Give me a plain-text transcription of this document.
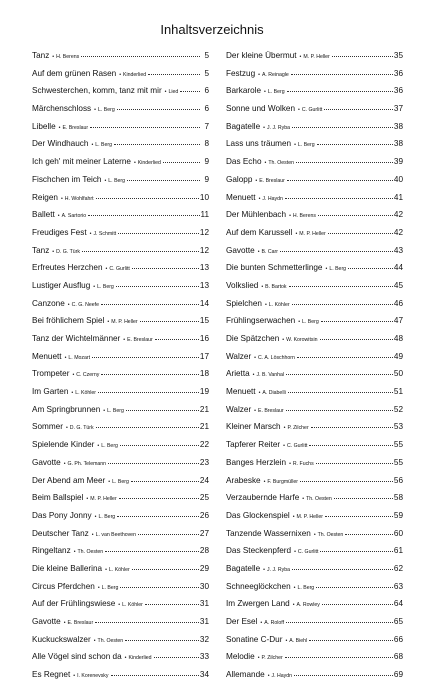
Inhaltsverzeichnis
Tanz • H. Berens	5
Auf dem grünen Rasen • Kinderlied	5
Schwesterchen, komm, tanz mit mir • Lied	6
Märchenschloss • L. Berg	6
Libelle • E. Breslaur	7
Der Windhauch • L. Berg	8
Ich geh' mit meiner Laterne • Kinderlied	9
Fischchen im Teich • L. Berg	9
Reigen • H. Wohlfahrt	10
Ballett • A. Sartorio	11
Freudiges Fest • J. Schmitt	12
Tanz • D. G. Türk	12
Erfreutes Herzchen • C. Gurlitt	13
Lustiger Ausflug • L. Berg	13
Canzone • C. G. Neefe	14
Bei fröhlichem Spiel • M. P. Heller	15
Tanz der Wichtelmänner • E. Breslaur	16
Menuett • L. Mozart	17
Trompeter • C. Czerny	18
Im Garten • L. Köhler	19
Am Springbrunnen • L. Berg	21
Sommer • D. G. Türk	21
Spielende Kinder • L. Berg	22
Gavotte • G. Ph. Telemann	23
Der Abend am Meer • L. Berg	24
Beim Ballspiel • M. P. Heller	25
Das Pony Jonny • L. Berg	26
Deutscher Tanz • L. van Beethoven	27
Ringeltanz • Th. Oesten	28
Die kleine Ballerina • L. Köhler	29
Circus Pferdchen • L. Berg	30
Auf der Frühlingswiese • L. Köhler	31
Gavotte • E. Breslaur	31
Kuckuckswalzer • Th. Oesten	32
Alle Vögel sind schon da • Kinderlied	33
Es Regnet • I. Korenevsky	34
Der kleine Übermut • M. P. Heller	35
Festzug • A. Reinagle	36
Barkarole • L. Berg	36
Sonne und Wolken • C. Gurlitt	37
Bagatelle • J. J. Ryba	38
Lass uns träumen • L. Berg	38
Das Echo • Th. Oesten	39
Galopp • E. Breslaur	40
Menuett • J. Haydn	41
Der Mühlenbach • H. Berens	42
Auf dem Karussell • M. P. Heller	42
Gavotte • B. Carr	43
Die bunten Schmetterlinge • L. Berg	44
Volkslied • B. Bartok	45
Spielchen • L. Köhler	46
Frühlingserwachen • L. Berg	47
Die Spätzchen • W. Korowitsin	48
Walzer • C. A. Löschhorn	49
Arietta • J. B. Vanhal	50
Menuett • A. Diabelli	51
Walzer • E. Breslaur	52
Kleiner Marsch • P. Zilcher	53
Tapferer Reiter • C. Gurlitt	55
Banges Herzlein • R. Fuchs	55
Arabeske • F. Burgmüller	56
Verzaubernde Harfe • Th. Oesten	58
Das Glockenspiel • M. P. Heller	59
Tanzende Wassernixen • Th. Oesten	60
Das Steckenpferd • C. Gurlitt	61
Bagatelle • J. J. Ryba	62
Schneeglöckchen • L. Berg	63
Im Zwergen Land • A. Rowley	64
Der Esel • A. Roloff	65
Sonatine C-Dur • A. Biehl	66
Melodie • P. Zilcher	68
Allemande • J. Haydn	69
